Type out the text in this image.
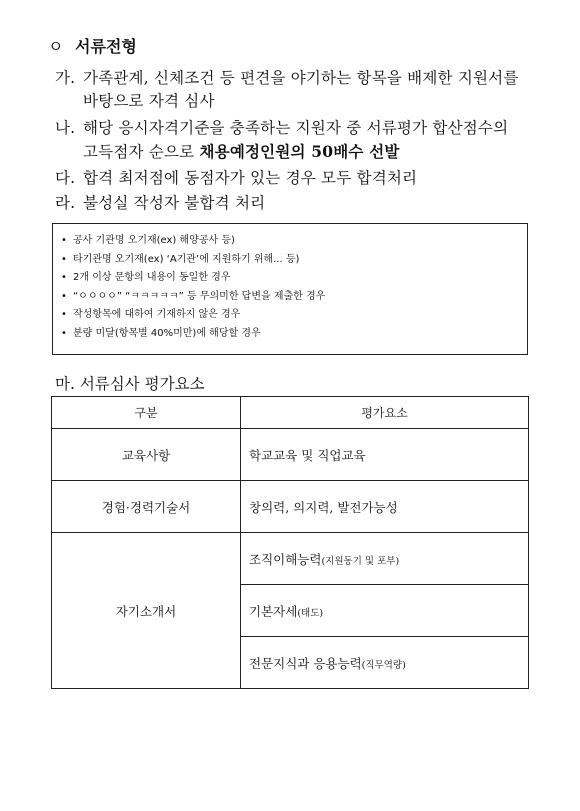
ㅇ 서류전형
가. 가족관계, 신체조건 등 편견을 야기하는 항목을 배제한 지원서를
바탕으로 자격 심사
나. 해당 응시자격기준을 충족하는 지원자 중 서류평가 합산점수의
고득점자 순으로 채용예정인원의 50배수 선발
다. 합격 최저점에 동점자가 있는 경우 모두 합격처리
라. 불성실 작성자 불합격 처리
• 공사 기관명 오기재(ex) 해양공사 등)
• 타기관명 오기재(ex) ‘A기관’에 지원하기 위해... 등)
• 2개 이상 문항의 내용이 동일한 경우
• “ㅇㅇㅇㅇ” “ㅋㅋㅋㅋㅋ” 등 무의미한 답변을 제출한 경우
• 작성항목에 대하여 기재하지 않은 경우
• 분량 미달(항목별 40%미만)에 해당할 경우
마. 서류심사 평가요소
구분	평가요소
교육사항	학교교육 및 직업교육
경험·경력기술서	창의력, 의지력, 발전가능성
자기소개서	조직이해능력(지원동기 및 포부)
	기본자세(태도)
	전문지식과 응용능력(직무역량)
